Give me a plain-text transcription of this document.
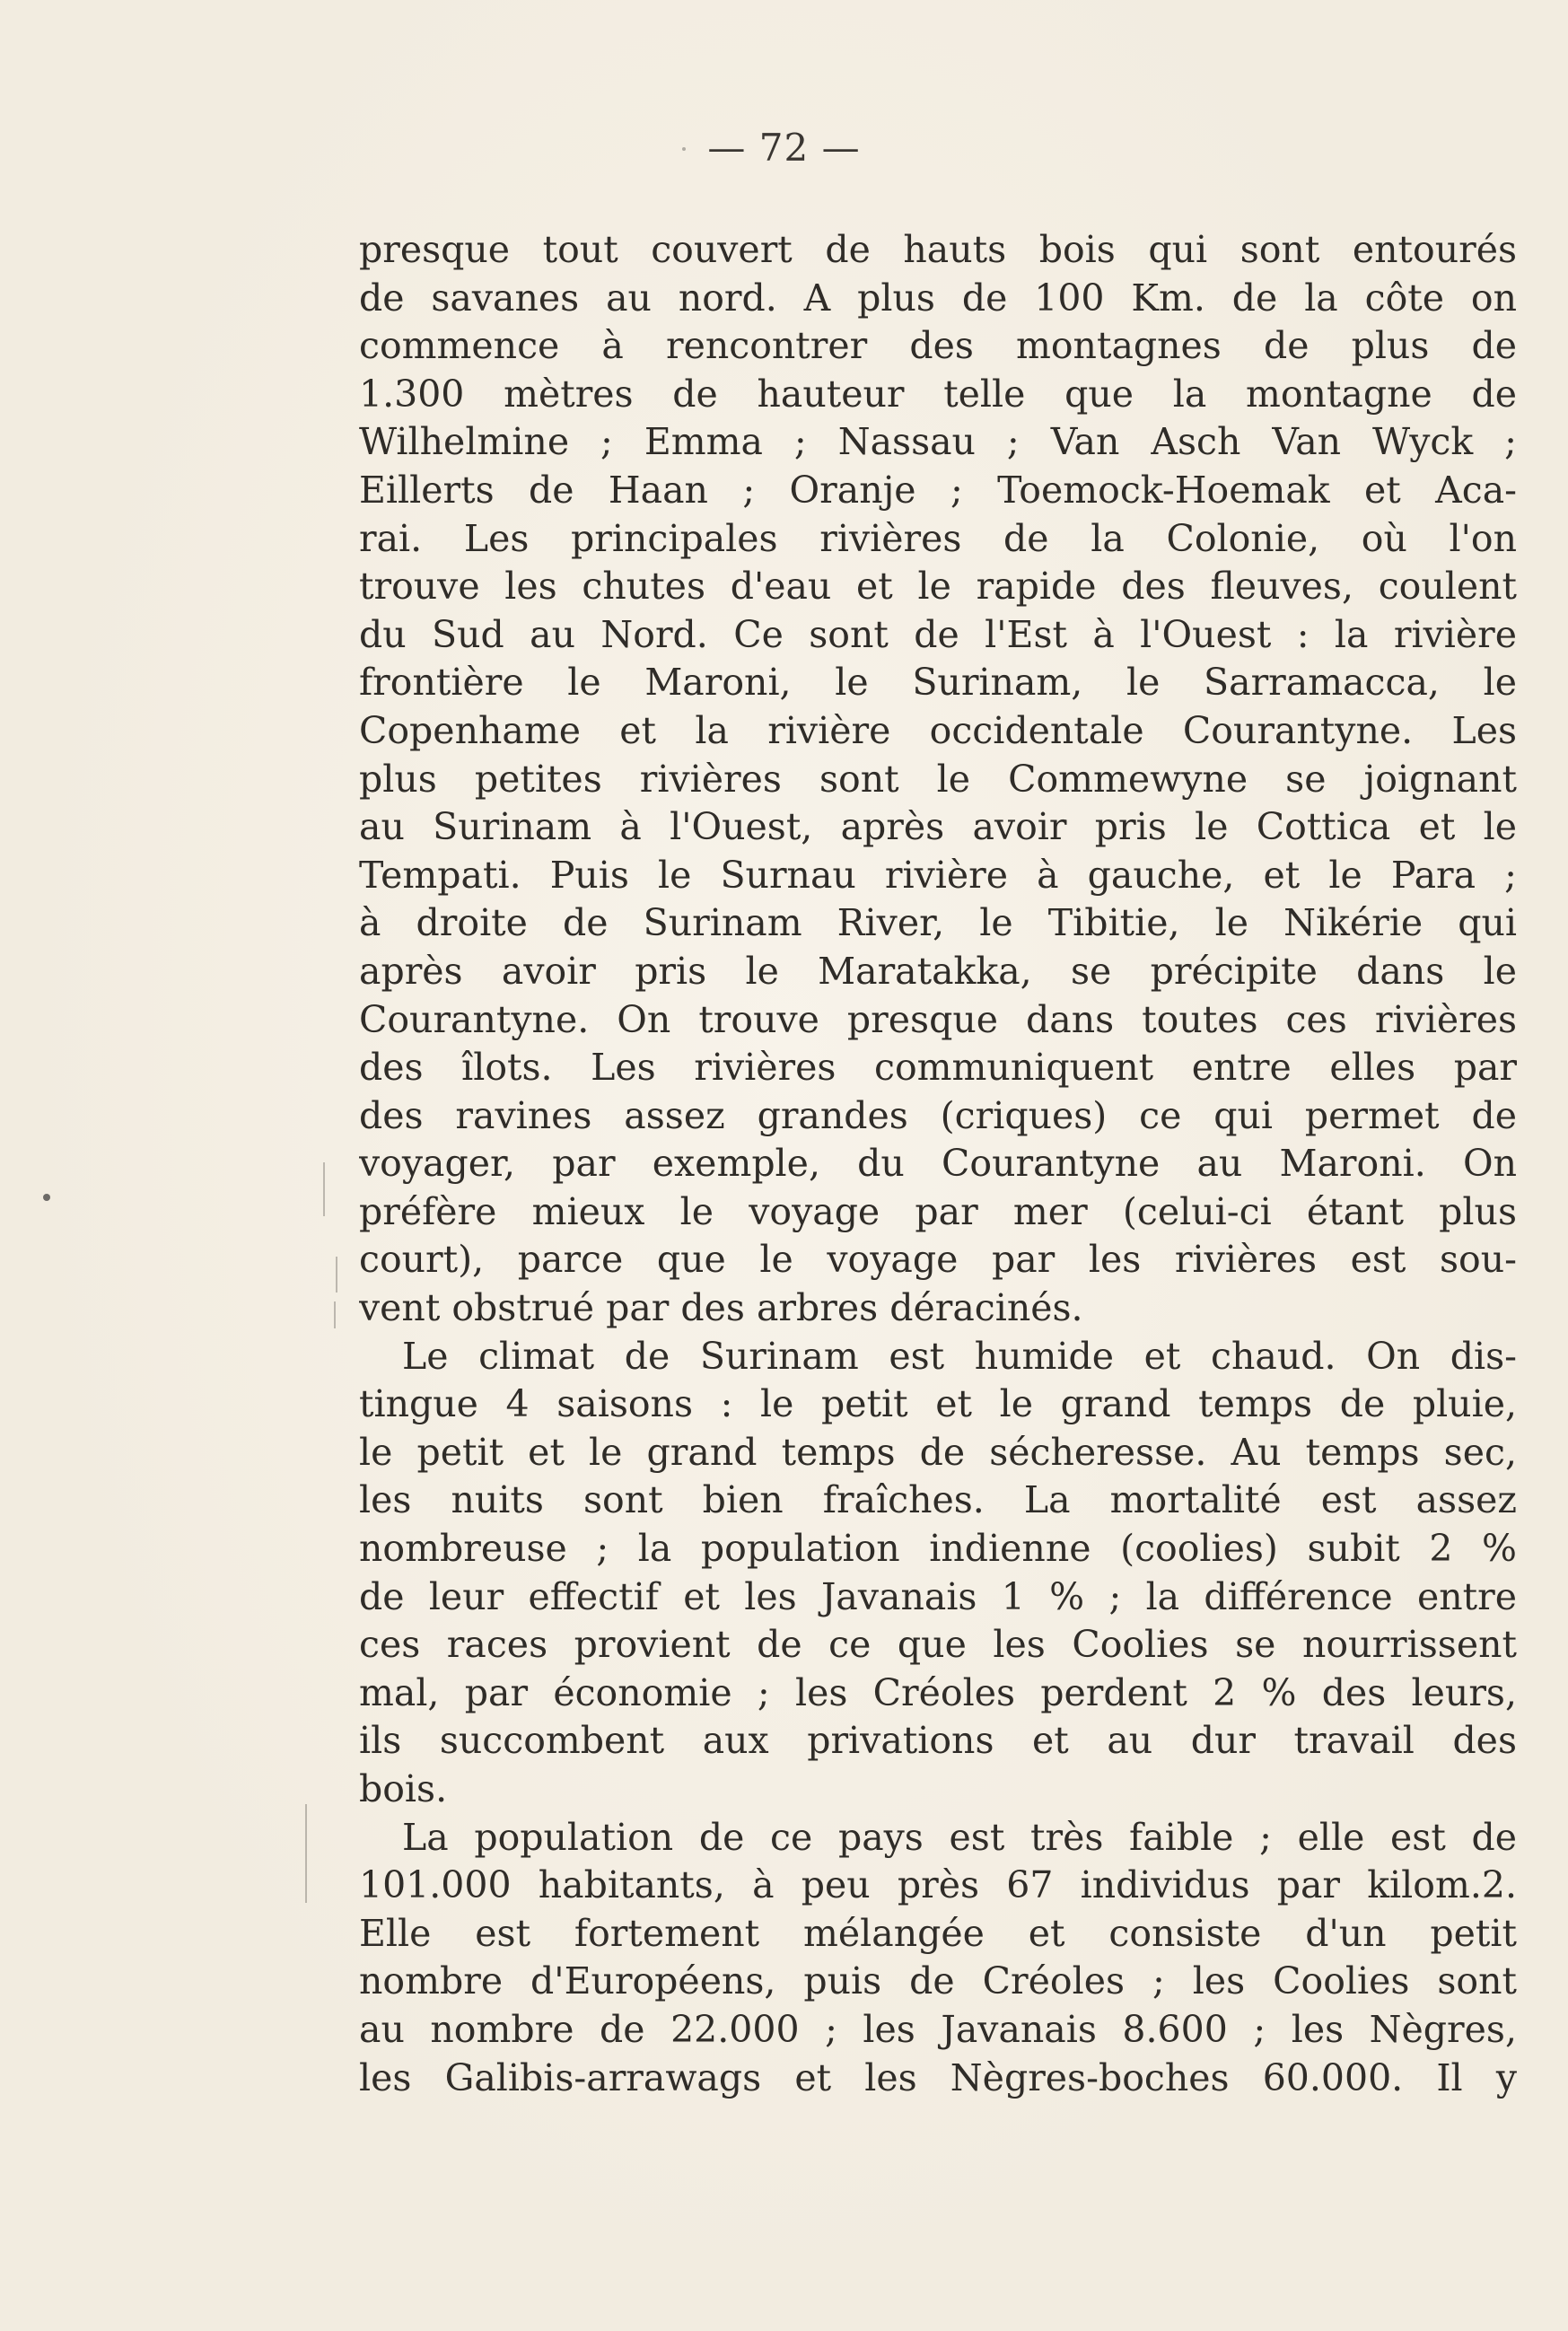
— 72 —
presque tout couvert de hauts bois qui sont entourés
de savanes au nord. A plus de 100 Km. de la côte on
commence à rencontrer des montagnes de plus de
1.300 mètres de hauteur telle que la montagne de
Wilhelmine ; Emma ; Nassau ; Van Asch Van Wyck ;
Eillerts de Haan ; Oranje ; Toemock-Hoemak et Aca-
rai. Les principales rivières de la Colonie, où l'on
trouve les chutes d'eau et le rapide des fleuves, coulent
du Sud au Nord. Ce sont de l'Est à l'Ouest : la rivière
frontière le Maroni, le Surinam, le Sarramacca, le
Copenhame et la rivière occidentale Courantyne. Les
plus petites rivières sont le Commewyne se joignant
au Surinam à l'Ouest, après avoir pris le Cottica et le
Tempati. Puis le Surnau rivière à gauche, et le Para ;
à droite de Surinam River, le Tibitie, le Nikérie qui
après avoir pris le Maratakka, se précipite dans le
Courantyne. On trouve presque dans toutes ces rivières
des îlots. Les rivières communiquent entre elles par
des ravines assez grandes (criques) ce qui permet de
voyager, par exemple, du Courantyne au Maroni. On
préfère mieux le voyage par mer (celui-ci étant plus
court), parce que le voyage par les rivières est sou-
vent obstrué par des arbres déracinés.
Le climat de Surinam est humide et chaud. On dis-
tingue 4 saisons : le petit et le grand temps de pluie,
le petit et le grand temps de sécheresse. Au temps sec,
les nuits sont bien fraîches. La mortalité est assez
nombreuse ; la population indienne (coolies) subit 2 %
de leur effectif et les Javanais 1 % ; la différence entre
ces races provient de ce que les Coolies se nourrissent
mal, par économie ; les Créoles perdent 2 % des leurs,
ils succombent aux privations et au dur travail des
bois.
La population de ce pays est très faible ; elle est de
101.000 habitants, à peu près 67 individus par kilom.2.
Elle est fortement mélangée et consiste d'un petit
nombre d'Européens, puis de Créoles ; les Coolies sont
au nombre de 22.000 ; les Javanais 8.600 ; les Nègres,
les Galibis-arrawags et les Nègres-boches 60.000. Il y
